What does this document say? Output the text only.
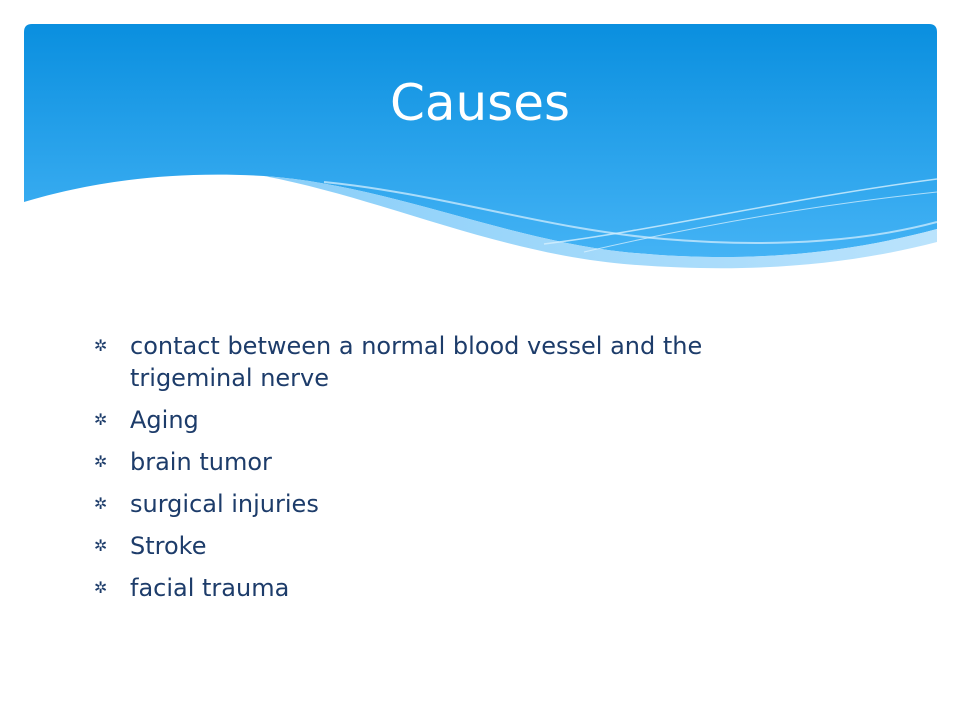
Causes
✲ contact between a normal blood vessel and the trigeminal nerve
✲ Aging
✲ brain tumor
✲ surgical injuries
✲ Stroke
✲ facial trauma
